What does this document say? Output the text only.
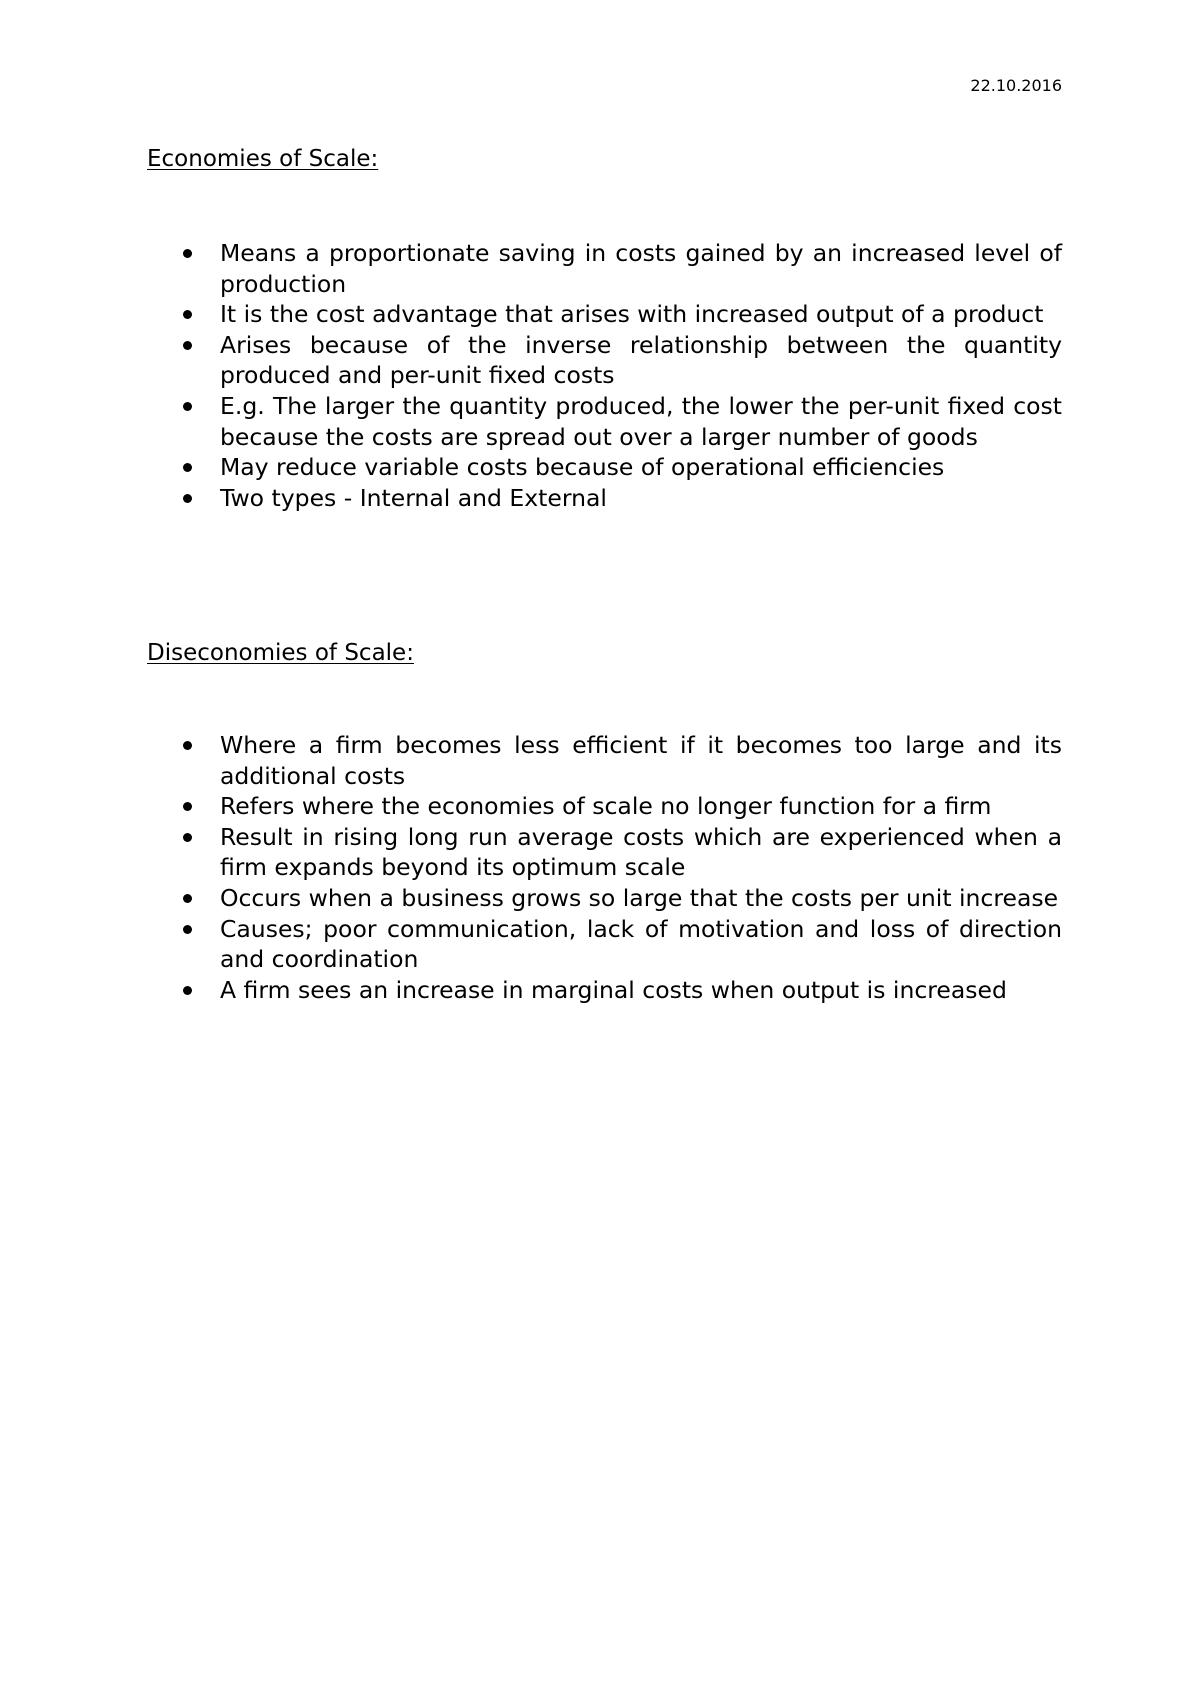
22.10.2016
Economies of Scale:
Means a proportionate saving in costs gained by an increased level of production
It is the cost advantage that arises with increased output of a product
Arises because of the inverse relationship between the quantity produced and per-unit fixed costs
E.g. The larger the quantity produced, the lower the per-unit fixed cost because the costs are spread out over a larger number of goods
May reduce variable costs because of operational efficiencies
Two types - Internal and External
Diseconomies of Scale:
Where a firm becomes less efficient if it becomes too large and its additional costs
Refers where the economies of scale no longer function for a firm
Result in rising long run average costs which are experienced when a firm expands beyond its optimum scale
Occurs when a business grows so large that the costs per unit increase
Causes; poor communication, lack of motivation and loss of direction and coordination
A firm sees an increase in marginal costs when output is increased
